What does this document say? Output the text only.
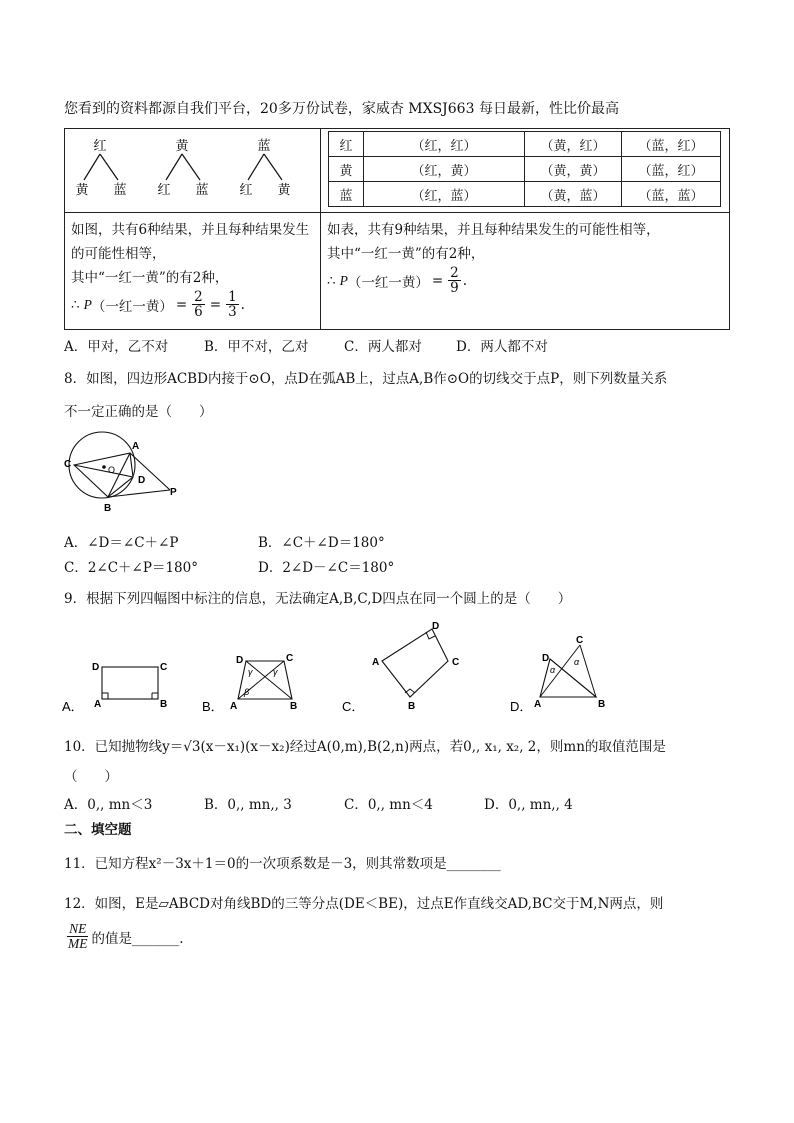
您看到的资料都源自我们平台，20多万份试卷，家威杏 MXSJ663 每日最新，性比价最高
红	黄	蓝
黄 蓝 红 蓝 红 黄
红	（红，红）	（黄，红）	（蓝，红）
黄	（红，黄）	（黄，黄）	（蓝，红）
蓝	（红，蓝）	（黄，蓝）	（蓝，蓝）
如图，共有6种结果，并且每种结果发生
的可能性相等，
其中“一红一黄”的有2种，
∴ P （一红一黄） = $\frac{2}{6} = \frac{1}{3}$ .
如表，共有9种结果，并且每种结果发生的可能性相等，
其中“一红一黄”的有2种，
∴ P （一红一黄） = $\frac{2}{9}$ .
A．甲对，乙不对	B．甲不对，乙对	C．两人都对	D．两人都不对
8．如图，四边形ACBD内接于⊙O，点D在弧AB上，过点A,B作⊙O的切线交于点P，则下列数量关系
不一定正确的是（　　）
C
A
O
D
B
P
A．∠D＝∠C＋∠P	B．∠C＋∠D＝180°
C．2∠C＋∠P＝180°	D．2∠D－∠C＝180°
9．根据下列四幅图中标注的信息，无法确定A,B,C,D四点在同一个圆上的是（　　）
D	C
A	B
D	C
A	B
γ γ
β
A
D
C
B
D
C
A	B
α
α
A．	B．	C．	D．
10．已知抛物线y＝√3(x－x₁)(x－x₂)经过A(0,m),B(2,n)两点，若0,, x₁, x₂, 2，则mn的取值范围是
（　　）
A．0,, mn＜3	B．0,, mn,, 3	C．0,, mn＜4	D．0,, mn,, 4
二、填空题
11．已知方程x²－3x＋1＝0的一次项系数是－3，则其常数项是________
12．如图，E是▱ABCD对角线BD的三等分点(DE＜BE)，过点E作直线交AD,BC交于M,N两点，则
$\frac{NE}{ME}$ 的值是_______.
